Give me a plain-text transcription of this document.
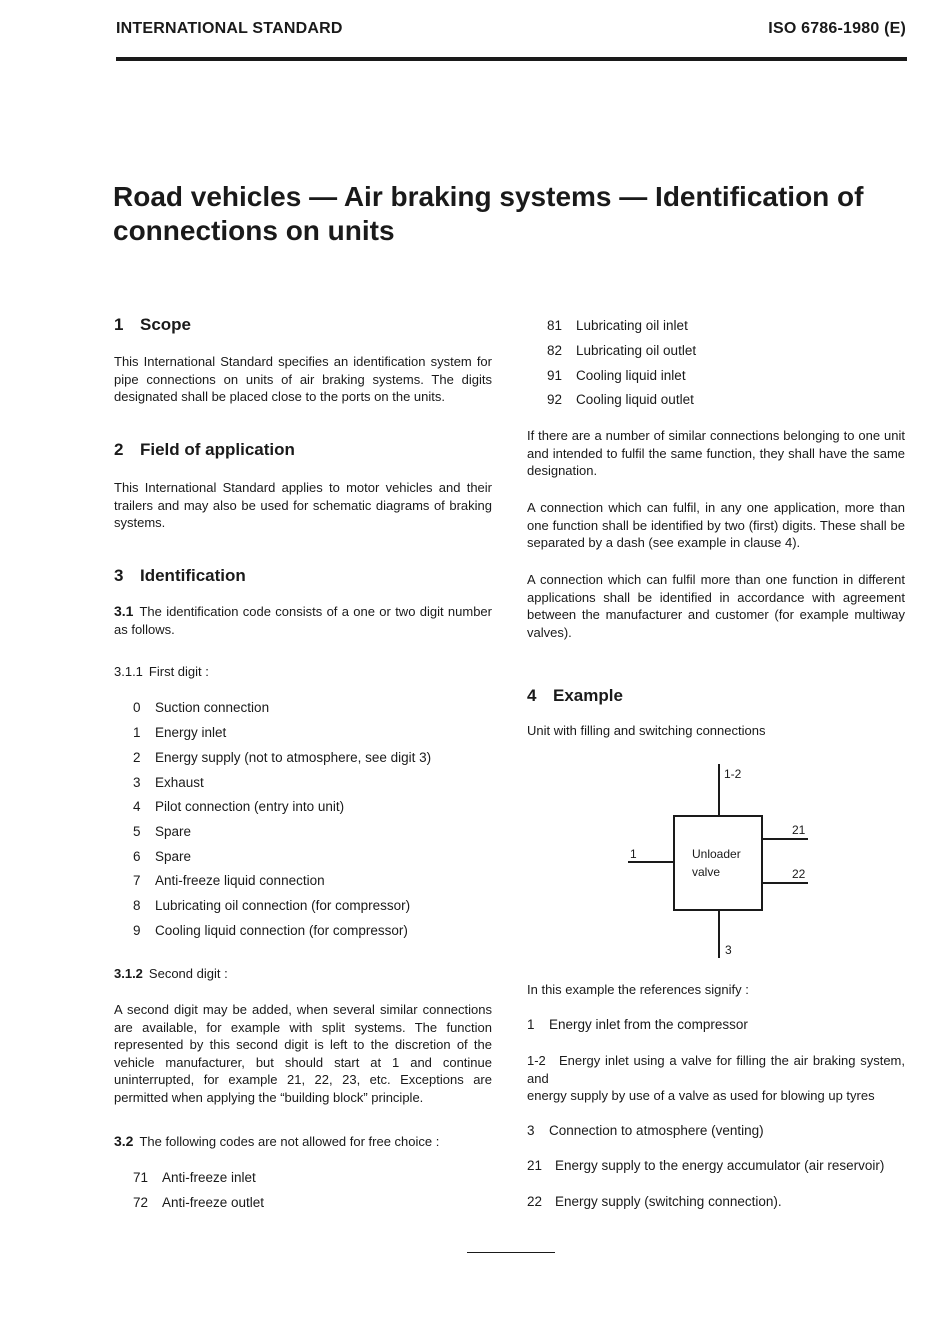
INTERNATIONAL STANDARD	ISO 6786-1980 (E)
Road vehicles — Air braking systems — Identification of connections on units
1 Scope

This International Standard specifies an identification system for pipe connections on units of air braking systems. The digits designated shall be placed close to the ports on the units.

2 Field of application

This International Standard applies to motor vehicles and their trailers and may also be used for schematic diagrams of braking systems.

3 Identification

3.1 The identification code consists of a one or two digit number as follows.

3.1.1 First digit :
0 Suction connection
1 Energy inlet
2 Energy supply (not to atmosphere, see digit 3)
3 Exhaust
4 Pilot connection (entry into unit)
5 Spare
6 Spare
7 Anti-freeze liquid connection
8 Lubricating oil connection (for compressor)
9 Cooling liquid connection (for compressor)
3.1.2 Second digit :

A second digit may be added, when several similar connections are available, for example with split systems. The function represented by this second digit is left to the discretion of the vehicle manufacturer, but should start at 1 and continue uninterrupted, for example 21, 22, 23, etc. Exceptions are permitted when applying the “building block” principle.

3.2 The following codes are not allowed for free choice :

71 Anti-freeze inlet
72 Anti-freeze outlet
81 Lubricating oil inlet
82 Lubricating oil outlet
91 Cooling liquid inlet
92 Cooling liquid outlet

If there are a number of similar connections belonging to one unit and intended to fulfil the same function, they shall have the same designation.

A connection which can fulfil, in any one application, more than one function shall be identified by two (first) digits. These shall be separated by a dash (see example in clause 4).

A connection which can fulfil more than one function in different applications shall be identified in accordance with agreement between the manufacturer and customer (for example multiway valves).

4 Example

Unit with filling and switching connections

In this example the references signify :

1 Energy inlet from the compressor
1-2 Energy inlet using a valve for filling the air braking system, and
energy supply by use of a valve as used for blowing up tyres
3 Connection to atmosphere (venting)
21 Energy supply to the energy accumulator (air reservoir)
22 Energy supply (switching connection).
1-2
1
21
22
3
Unloader
valve
